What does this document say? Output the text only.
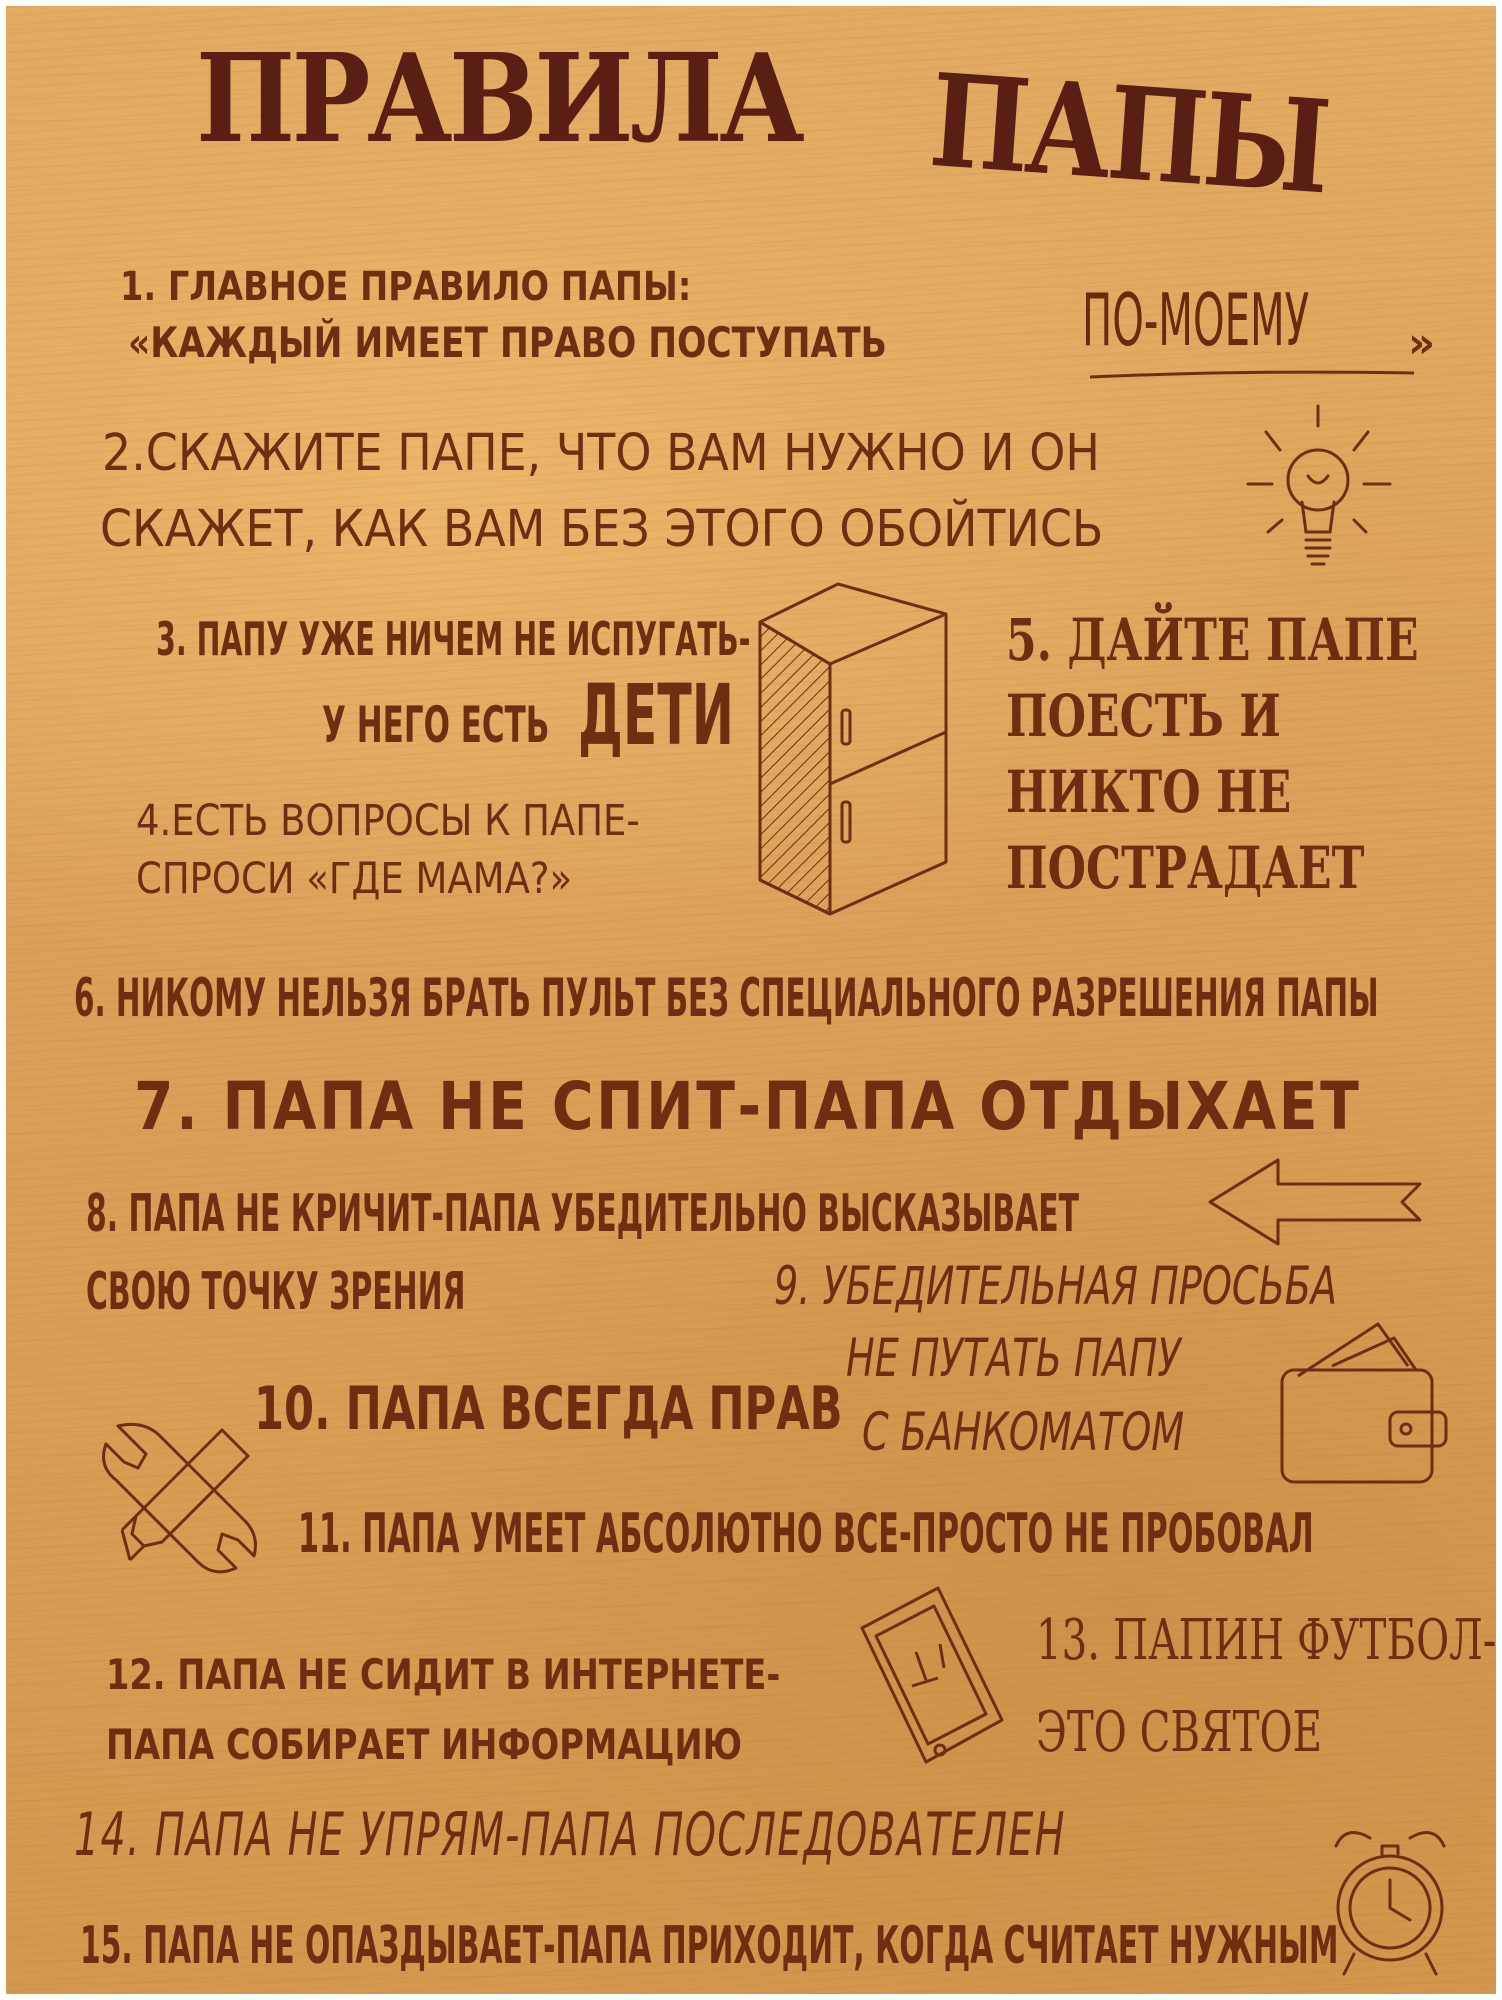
ПРАВИЛА ПАПЫ
1. ГЛАВНОЕ ПРАВИЛО ПАПЫ:
«КАЖДЫЙ ИМЕЕТ ПРАВО ПОСТУПАТЬ	ПО-МОЕМУ »
2.СКАЖИТЕ ПАПЕ, ЧТО ВАМ НУЖНО И ОН
СКАЖЕТ, КАК ВАМ БЕЗ ЭТОГО ОБОЙТИСЬ
3. ПАПУ УЖЕ НИЧЕМ НЕ ИСПУГАТЬ-
У НЕГО ЕСТЬ ДЕТИ
4.ЕСТЬ ВОПРОСЫ К ПАПЕ-
СПРОСИ «ГДЕ МАМА?»
5. ДАЙТЕ ПАПЕ
ПОЕСТЬ И
НИКТО НЕ
ПОСТРАДАЕТ
6. НИКОМУ НЕЛЬЗЯ БРАТЬ ПУЛЬТ БЕЗ СПЕЦИАЛЬНОГО РАЗРЕШЕНИЯ ПАПЫ
7. ПАПА НЕ СПИТ-ПАПА ОТДЫХАЕТ
8. ПАПА НЕ КРИЧИТ-ПАПА УБЕДИТЕЛЬНО ВЫСКАЗЫВАЕТ
СВОЮ ТОЧКУ ЗРЕНИЯ	9. УБЕДИТЕЛЬНАЯ ПРОСЬБА
НЕ ПУТАТЬ ПАПУ
С БАНКОМАТОМ
10. ПАПА ВСЕГДА ПРАВ
11. ПАПА УМЕЕТ АБСОЛЮТНО ВСЕ-ПРОСТО НЕ ПРОБОВАЛ
12. ПАПА НЕ СИДИТ В ИНТЕРНЕТЕ-
ПАПА СОБИРАЕТ ИНФОРМАЦИЮ
13. ПАПИН ФУТБОЛ-
ЭТО СВЯТОЕ
14. ПАПА НЕ УПРЯМ-ПАПА ПОСЛЕДОВАТЕЛЕН
15. ПАПА НЕ ОПАЗДЫВАЕТ-ПАПА ПРИХОДИТ, КОГДА СЧИТАЕТ НУЖНЫМ
